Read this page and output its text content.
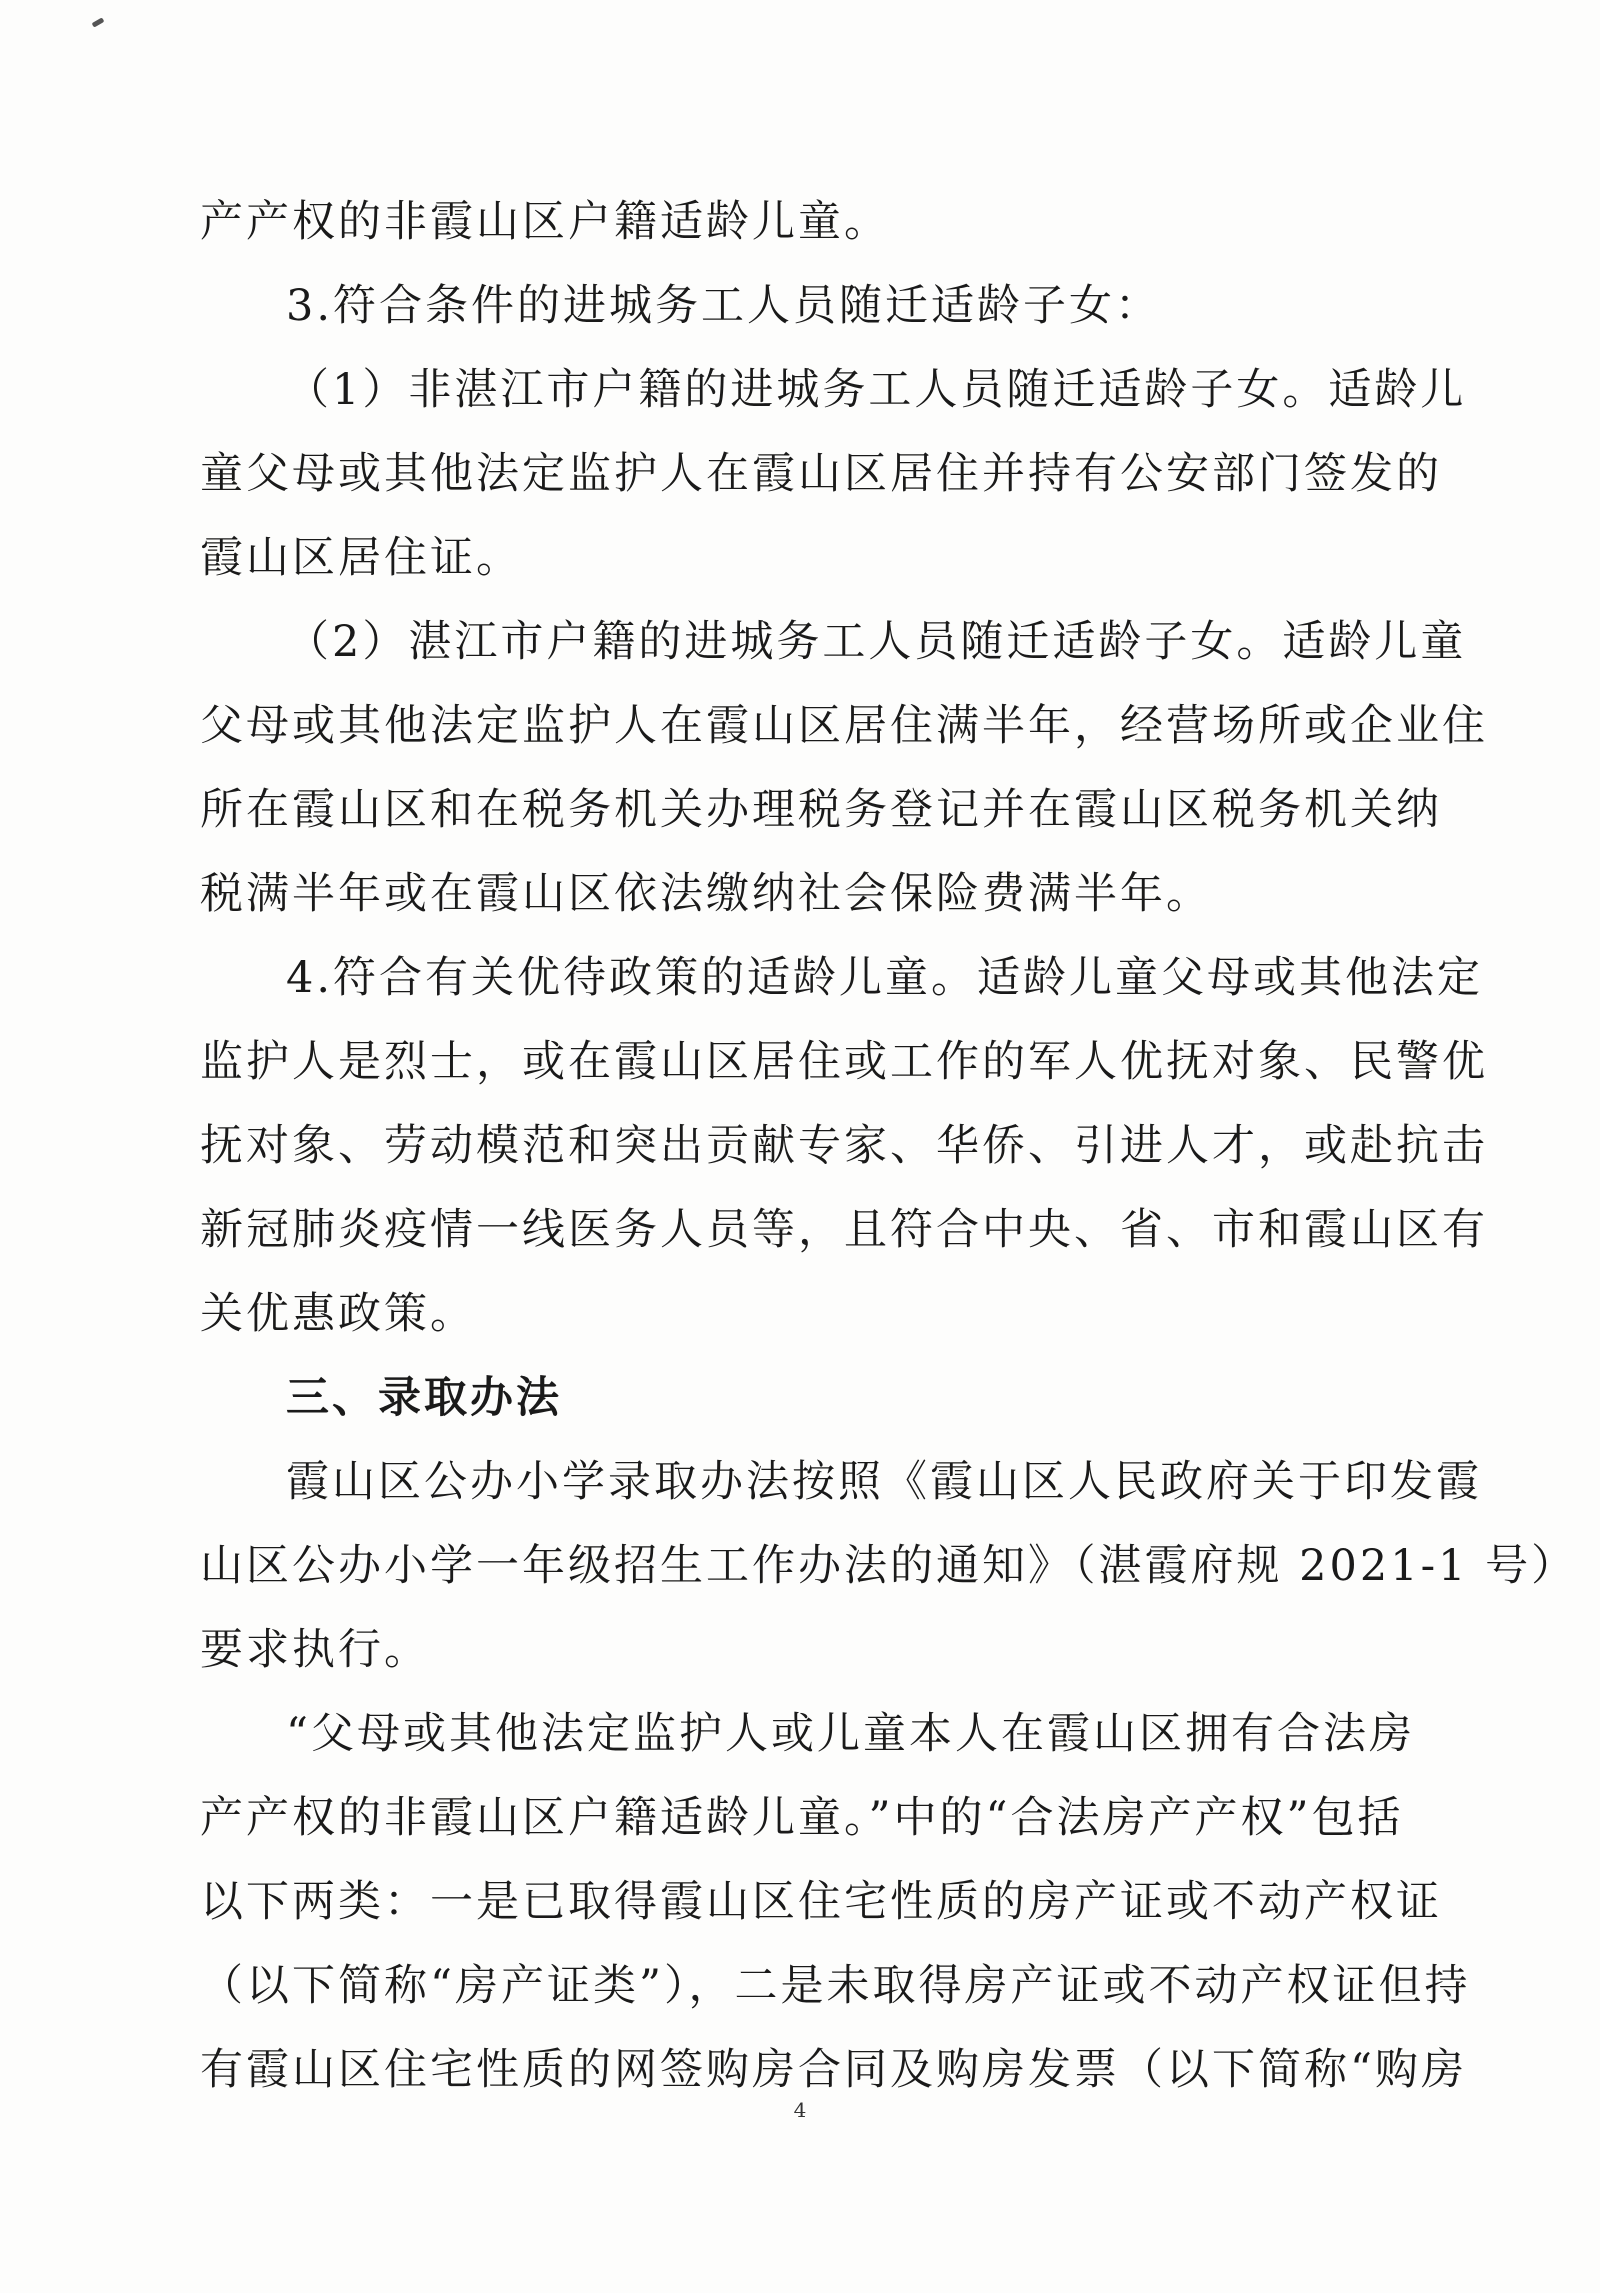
产产权的非霞山区户籍适龄儿童。
3.符合条件的进城务工人员随迁适龄子女：
（1）非湛江市户籍的进城务工人员随迁适龄子女。适龄儿
童父母或其他法定监护人在霞山区居住并持有公安部门签发的
霞山区居住证。
（2）湛江市户籍的进城务工人员随迁适龄子女。适龄儿童
父母或其他法定监护人在霞山区居住满半年，经营场所或企业住
所在霞山区和在税务机关办理税务登记并在霞山区税务机关纳
税满半年或在霞山区依法缴纳社会保险费满半年。
4.符合有关优待政策的适龄儿童。适龄儿童父母或其他法定
监护人是烈士，或在霞山区居住或工作的军人优抚对象、民警优
抚对象、劳动模范和突出贡献专家、华侨、引进人才，或赴抗击
新冠肺炎疫情一线医务人员等，且符合中央、省、市和霞山区有
关优惠政策。
三、录取办法
霞山区公办小学录取办法按照《霞山区人民政府关于印发霞
山区公办小学一年级招生工作办法的通知》（湛霞府规 2021-1 号）
要求执行。
“父母或其他法定监护人或儿童本人在霞山区拥有合法房
产产权的非霞山区户籍适龄儿童。”中的“合法房产产权”包括
以下两类：一是已取得霞山区住宅性质的房产证或不动产权证
（以下简称“房产证类”），二是未取得房产证或不动产权证但持
有霞山区住宅性质的网签购房合同及购房发票（以下简称“购房
4
